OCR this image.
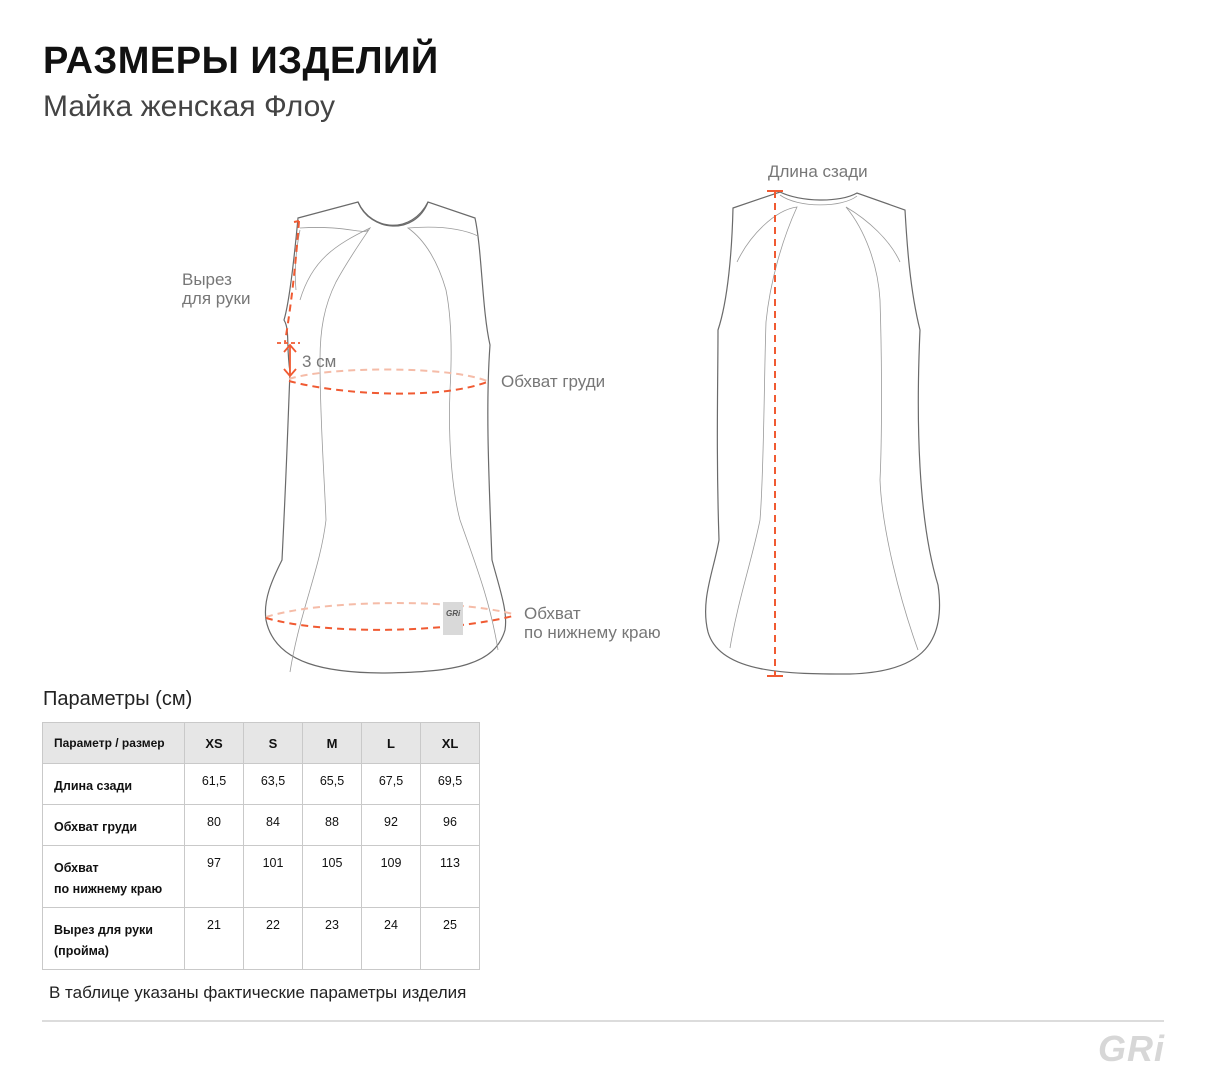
РАЗМЕРЫ ИЗДЕЛИЙ
Майка женская Флоу
GRi
Вырез
для руки
3 см
Обхват груди
Обхват
по нижнему краю
Длина сзади
Параметры (см)
Параметр / размер	XS	S	M	L	XL
Длина сзади	61,5	63,5	65,5	67,5	69,5
Обхват груди	80	84	88	92	96

Обхват
по нижнему краю	97	101	105	109	113

Вырез для руки
(пройма)	21	22	23	24	25
В таблице указаны фактические параметры изделия
GRi
